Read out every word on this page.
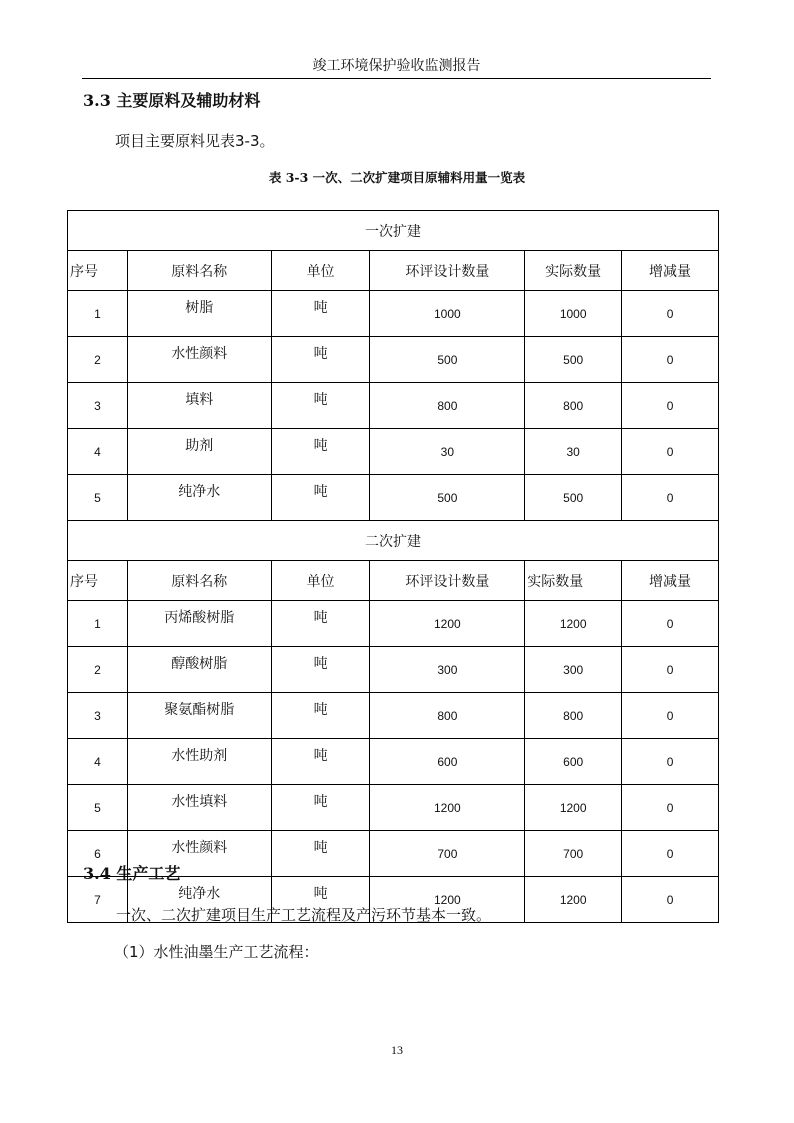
竣工环境保护验收监测报告
3.3 主要原料及辅助材料
项目主要原料见表3-3。
表 3-3 一次、二次扩建项目原辅料用量一览表
一次扩建					
序号	原料名称	单位	环评设计数量	实际数量	增减量
1	树脂	吨	1000	1000	0
2	水性颜料	吨	500	500	0
3	填料	吨	800	800	0
4	助剂	吨	30	30	0
5	纯净水	吨	500	500	0
二次扩建					
序号	原料名称	单位	环评设计数量	实际数量	增减量
1	丙烯酸树脂	吨	1200	1200	0
2	醇酸树脂	吨	300	300	0
3	聚氨酯树脂	吨	800	800	0
4	水性助剂	吨	600	600	0
5	水性填料	吨	1200	1200	0
6	水性颜料	吨	700	700	0
7	纯净水	吨	1200	1200	0
3.4 生产工艺
一次、二次扩建项目生产工艺流程及产污环节基本一致。
（1）水性油墨生产工艺流程：
13
